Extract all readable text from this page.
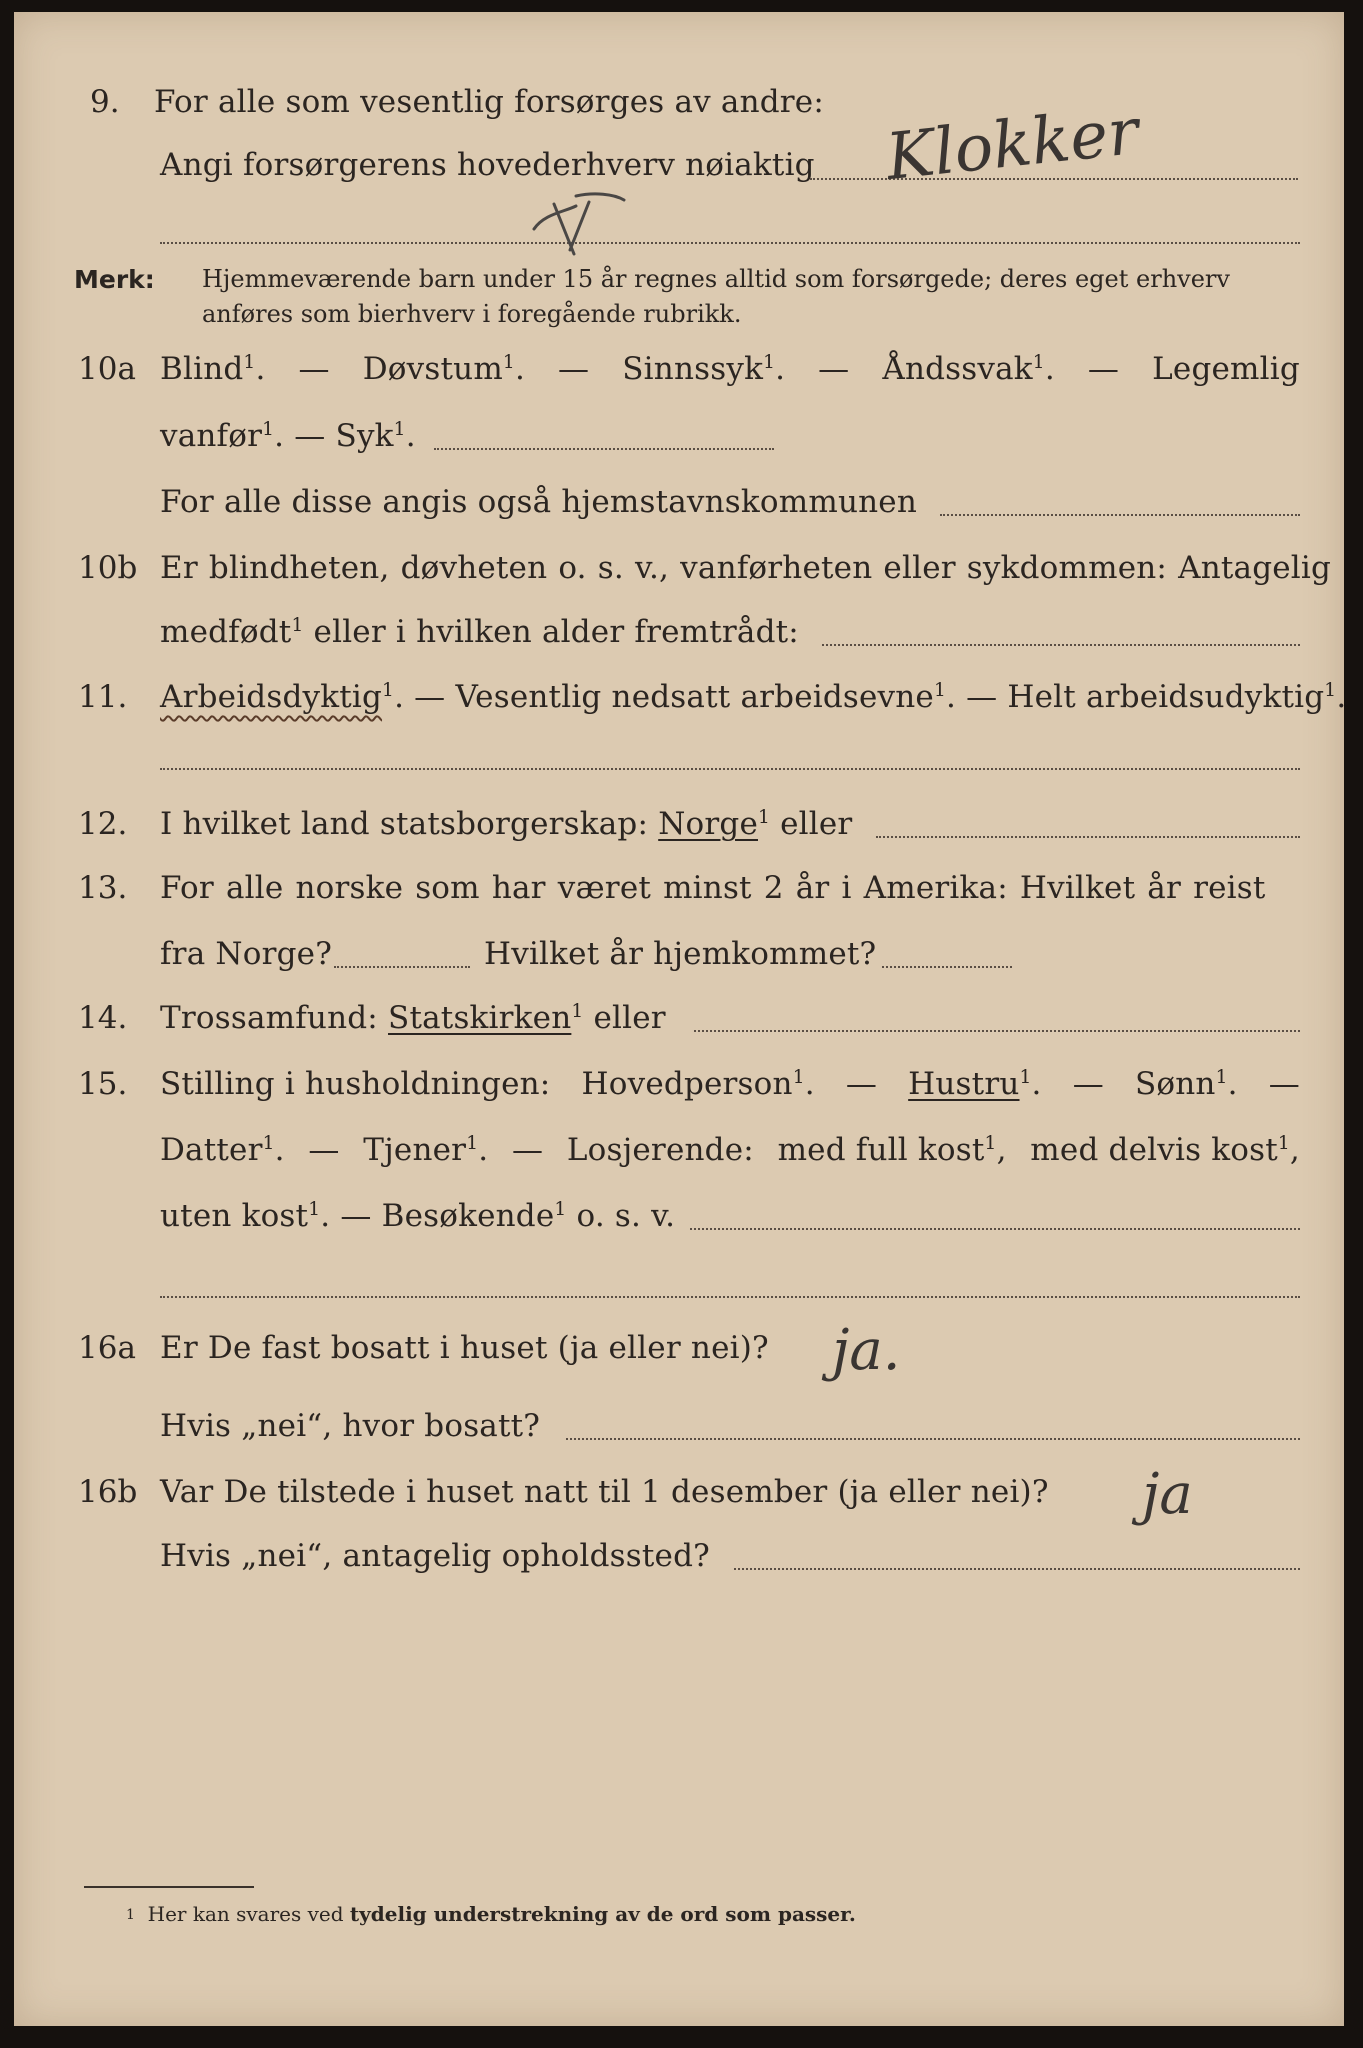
9. For alle som vesentlig forsørges av andre:
Angi forsørgerens hovederhverv nøiaktig Klokker
Merk: Hjemmeværende barn under 15 år regnes alltid som forsørgede; deres eget erhverv
anføres som bierhverv i foregående rubrikk.
10a Blind$^1$. — Døvstum$^1$. — Sinnssyk$^1$. — Åndssvak$^1$. — Legemlig
vanfør$^1$. — Syk$^1$.
For alle disse angis også hjemstavnskommunen
10b Er blindheten, døvheten o. s. v., vanførheten eller sykdommen: Antagelig
medfødt$^1$ eller i hvilken alder fremtrådt:
11. Arbeidsdyktig$^1$. — Vesentlig nedsatt arbeidsevne$^1$. — Helt arbeidsudyktig$^1$.
12. I hvilket land statsborgerskap: Norge$^1$ eller
13. For alle norske som har været minst 2 år i Amerika: Hvilket år reist
fra Norge?	Hvilket år hjemkommet?
14. Trossamfund: Statskirken$^1$ eller
15. Stilling i husholdningen: Hovedperson$^1$. — Hustru$^1$. — Sønn$^1$. —
Datter$^1$. — Tjener$^1$. — Losjerende: med full kost$^1$, med delvis kost$^1$,
uten kost$^1$. — Besøkende$^1$ o. s. v.
16a Er De fast bosatt i huset (ja eller nei)? ja.
Hvis „nei“, hvor bosatt?
16b Var De tilstede i huset natt til 1 desember (ja eller nei)? ja
Hvis „nei“, antagelig opholdssted?
1 Her kan svares ved tydelig understrekning av de ord som passer.
